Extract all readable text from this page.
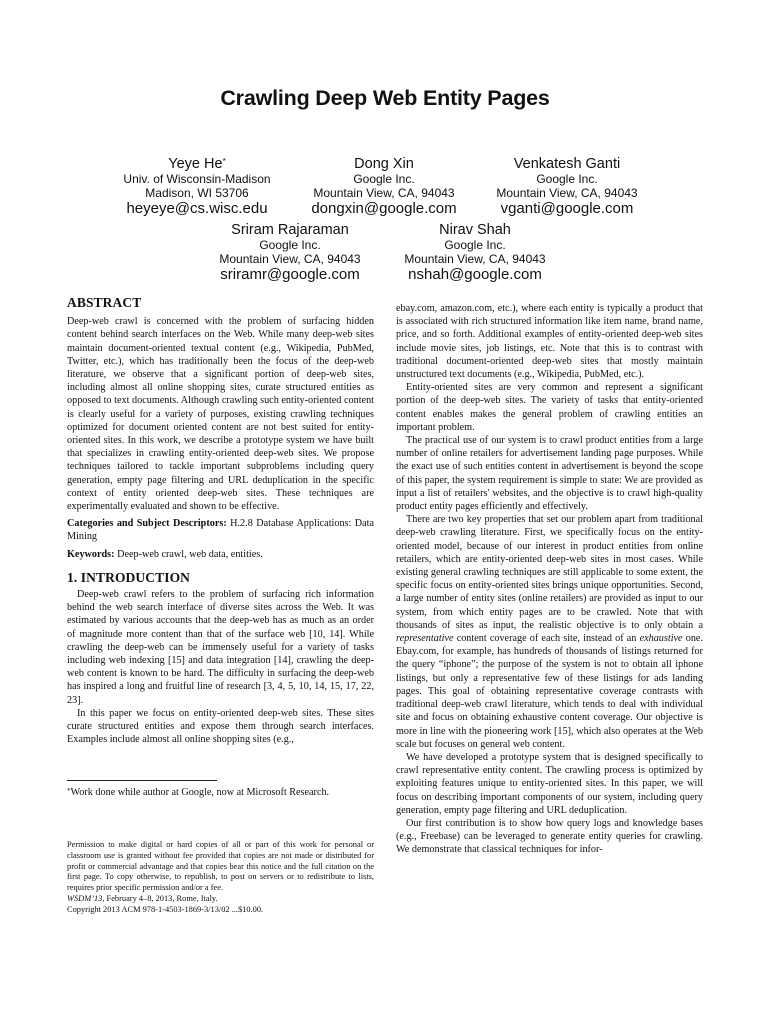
Crawling Deep Web Entity Pages
Yeye He*
Univ. of Wisconsin-Madison
Madison, WI 53706
heyeye@cs.wisc.edu
Dong Xin
Google Inc.
Mountain View, CA, 94043
dongxin@google.com
Venkatesh Ganti
Google Inc.
Mountain View, CA, 94043
vganti@google.com
Sriram Rajaraman
Google Inc.
Mountain View, CA, 94043
sriramr@google.com
Nirav Shah
Google Inc.
Mountain View, CA, 94043
nshah@google.com
ABSTRACT

Deep-web crawl is concerned with the problem of surfacing hidden content behind search interfaces on the Web. While many deep-web sites maintain document-oriented textual content (e.g., Wikipedia, PubMed, Twitter, etc.), which has traditionally been the focus of the deep-web literature, we observe that a significant portion of deep-web sites, including almost all online shopping sites, curate structured entities as opposed to text documents. Although crawling such entity-oriented content is clearly useful for a variety of purposes, existing crawling techniques optimized for document oriented content are not best suited for entity-oriented sites. In this work, we describe a prototype system we have built that specializes in crawling entity-oriented deep-web sites. We propose techniques tailored to tackle important subproblems including query generation, empty page filtering and URL deduplication in the specific context of entity oriented deep-web sites. These techniques are experimentally evaluated and shown to be effective.

Categories and Subject Descriptors: H.2.8 Database Applications: Data Mining

Keywords: Deep-web crawl, web data, entities.

1. INTRODUCTION

Deep-web crawl refers to the problem of surfacing rich information behind the web search interface of diverse sites across the Web. It was estimated by various accounts that the deep-web has as much as an order of magnitude more content than that of the surface web [10, 14]. While crawling the deep-web can be immensely useful for a variety of tasks including web indexing [15] and data integration [14], crawling the deep-web content is known to be hard. The difficulty in surfacing the deep-web has inspired a long and fruitful line of research [3, 4, 5, 10, 14, 15, 17, 22, 23].

In this paper we focus on entity-oriented deep-web sites. These sites curate structured entities and expose them through search interfaces. Examples include almost all online shopping sites (e.g.,

*Work done while author at Google, now at Microsoft Research.
Permission to make digital or hard copies of all or part of this work for personal or classroom use is granted without fee provided that copies are not made or distributed for profit or commercial advantage and that copies bear this notice and the full citation on the first page. To copy otherwise, to republish, to post on servers or to redistribute to lists, requires prior specific permission and/or a fee.
WSDM’13, February 4–8, 2013, Rome, Italy.
Copyright 2013 ACM 978-1-4503-1869-3/13/02 ...$10.00.

ebay.com, amazon.com, etc.), where each entity is typically a product that is associated with rich structured information like item name, brand name, price, and so forth. Additional examples of entity-oriented deep-web sites include movie sites, job listings, etc. Note that this is to contrast with traditional document-oriented deep-web sites that mostly maintain unstructured text documents (e.g., Wikipedia, PubMed, etc.).

Entity-oriented sites are very common and represent a significant portion of the deep-web sites. The variety of tasks that entity-oriented content enables makes the general problem of crawling entities an important problem.

The practical use of our system is to crawl product entities from a large number of online retailers for advertisement landing page purposes. While the exact use of such entities content in advertisement is beyond the scope of this paper, the system requirement is simple to state: We are provided as input a list of retailers' websites, and the objective is to crawl high-quality product entity pages efficiently and effectively.

There are two key properties that set our problem apart from traditional deep-web crawling literature. First, we specifically focus on the entity-oriented model, because of our interest in product entities from online retailers, which are entity-oriented deep-web sites in most cases. While existing general crawling techniques are still applicable to some extent, the specific focus on entity-oriented sites brings unique opportunities. Second, a large number of entity sites (online retailers) are provided as input to our system, from which entity pages are to be crawled. Note that with thousands of sites as input, the realistic objective is to only obtain a representative content coverage of each site, instead of an exhaustive one. Ebay.com, for example, has hundreds of thousands of listings returned for the query “iphone”; the purpose of the system is not to obtain all iphone listings, but only a representative few of these listings for ads landing pages. This goal of obtaining representative coverage contrasts with traditional deep-web crawl literature, which tends to deal with individual site and focus on obtaining exhaustive content coverage. Our objective is more in line with the pioneering work [15], which also operates at the Web scale but focuses on general web content.

We have developed a prototype system that is designed specifically to crawl representative entity content. The crawling process is optimized by exploiting features unique to entity-oriented sites. In this paper, we will focus on describing important components of our system, including query generation, empty page filtering and URL deduplication.

Our first contribution is to show how query logs and knowledge bases (e.g., Freebase) can be leveraged to generate entity queries for crawling. We demonstrate that classical techniques for infor-
